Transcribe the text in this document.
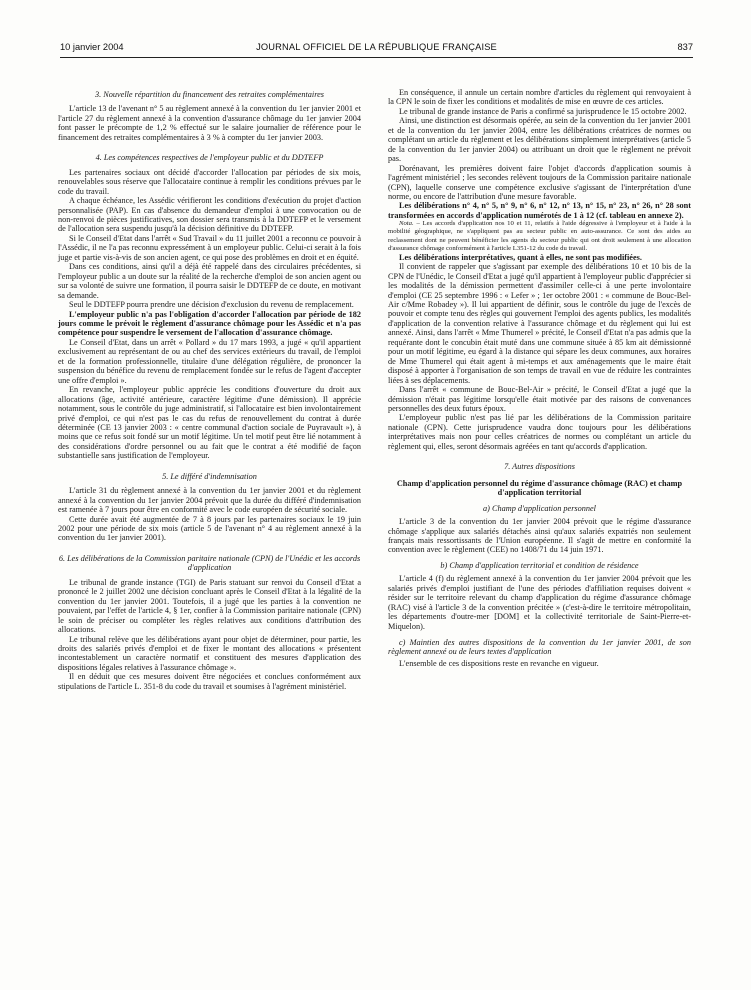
10 janvier 2004	JOURNAL OFFICIEL DE LA RÉPUBLIQUE FRANÇAISE	837

3. Nouvelle répartition du financement des retraites complémentaires

L'article 13 de l'avenant n° 5 au règlement annexé à la convention du 1er janvier 2001 et l'article 27 du règlement annexé à la convention d'assurance chômage du 1er janvier 2004 font passer le précompte de 1,2 % effectué sur le salaire journalier de référence pour le financement des retraites complémentaires à 3 % à compter du 1er janvier 2003.

4. Les compétences respectives de l'employeur public et du DDTEFP

Les partenaires sociaux ont décidé d'accorder l'allocation par périodes de six mois, renouvelables sous réserve que l'allocataire continue à remplir les conditions prévues par le code du travail.

A chaque échéance, les Assédic vérifieront les conditions d'exécution du projet d'action personnalisée (PAP). En cas d'absence du demandeur d'emploi à une convocation ou de non-renvoi de pièces justificatives, son dossier sera transmis à la DDTEFP et le versement de l'allocation sera suspendu jusqu'à la décision définitive du DDTEFP.

Si le Conseil d'Etat dans l'arrêt « Sud Travail » du 11 juillet 2001 a reconnu ce pouvoir à l'Assédic, il ne l'a pas reconnu expressément à un employeur public. Celui-ci serait à la fois juge et partie vis-à-vis de son ancien agent, ce qui pose des problèmes en droit et en équité.

Dans ces conditions, ainsi qu'il a déjà été rappelé dans des circulaires précédentes, si l'employeur public a un doute sur la réalité de la recherche d'emploi de son ancien agent ou sur sa volonté de suivre une formation, il pourra saisir le DDTEFP de ce doute, en motivant sa demande.

Seul le DDTEFP pourra prendre une décision d'exclusion du revenu de remplacement.

L'employeur public n'a pas l'obligation d'accorder l'allocation par période de 182 jours comme le prévoit le règlement d'assurance chômage pour les Assédic et n'a pas compétence pour suspendre le versement de l'allocation d'assurance chômage.

Le Conseil d'Etat, dans un arrêt « Pollard » du 17 mars 1993, a jugé « qu'il appartient exclusivement au représentant de ou au chef des services extérieurs du travail, de l'emploi et de la formation professionnelle, titulaire d'une délégation régulière, de prononcer la suspension du bénéfice du revenu de remplacement fondée sur le refus de l'agent d'accepter une offre d'emploi ».

En revanche, l'employeur public apprécie les conditions d'ouverture du droit aux allocations (âge, activité antérieure, caractère légitime d'une démission). Il apprécie notamment, sous le contrôle du juge administratif, si l'allocataire est bien involontairement privé d'emploi, ce qui n'est pas le cas du refus de renouvellement du contrat à durée déterminée (CE 13 janvier 2003 : « centre communal d'action sociale de Puyravault »), à moins que ce refus soit fondé sur un motif légitime. Un tel motif peut être lié notamment à des considérations d'ordre personnel ou au fait que le contrat a été modifié de façon substantielle sans justification de l'employeur.

5. Le différé d'indemnisation

L'article 31 du règlement annexé à la convention du 1er janvier 2001 et du règlement annexé à la convention du 1er janvier 2004 prévoit que la durée du différé d'indemnisation est ramenée à 7 jours pour être en conformité avec le code européen de sécurité sociale.

Cette durée avait été augmentée de 7 à 8 jours par les partenaires sociaux le 19 juin 2002 pour une période de six mois (article 5 de l'avenant n° 4 au règlement annexé à la convention du 1er janvier 2001).

6. Les délibérations de la Commission paritaire nationale (CPN) de l'Unédic et les accords d'application

Le tribunal de grande instance (TGI) de Paris statuant sur renvoi du Conseil d'Etat a prononcé le 2 juillet 2002 une décision concluant après le Conseil d'Etat à la légalité de la convention du 1er janvier 2001. Toutefois, il a jugé que les parties à la convention ne pouvaient, par l'effet de l'article 4, § 1er, confier à la Commission paritaire nationale (CPN) le soin de préciser ou compléter les règles relatives aux conditions d'attribution des allocations.

Le tribunal relève que les délibérations ayant pour objet de déterminer, pour partie, les droits des salariés privés d'emploi et de fixer le montant des allocations « présentent incontestablement un caractère normatif et constituent des mesures d'application des dispositions légales relatives à l'assurance chômage ».

Il en déduit que ces mesures doivent être négociées et conclues conformément aux stipulations de l'article L. 351-8 du code du travail et soumises à l'agrément ministériel.

En conséquence, il annule un certain nombre d'articles du règlement qui renvoyaient à la CPN le soin de fixer les conditions et modalités de mise en œuvre de ces articles.

Le tribunal de grande instance de Paris a confirmé sa jurisprudence le 15 octobre 2002.

Ainsi, une distinction est désormais opérée, au sein de la convention du 1er janvier 2001 et de la convention du 1er janvier 2004, entre les délibérations créatrices de normes ou complétant un article du règlement et les délibérations simplement interprétatives (article 5 de la convention du 1er janvier 2004) ou attribuant un droit que le règlement ne prévoit pas.

Dorénavant, les premières doivent faire l'objet d'accords d'application soumis à l'agrément ministériel ; les secondes relèvent toujours de la Commission paritaire nationale (CPN), laquelle conserve une compétence exclusive s'agissant de l'interprétation d'une norme, ou encore de l'attribution d'une mesure favorable.

Les délibérations n° 4, n° 5, n° 9, n° 6, n° 12, n° 13, n° 15, n° 23, n° 26, n° 28 sont transformées en accords d'application numérotés de 1 à 12 (cf. tableau en annexe 2).

Nota. – Les accords d'application nos 10 et 11, relatifs à l'aide dégressive à l'employeur et à l'aide à la mobilité géographique, ne s'appliquent pas au secteur public en auto-assurance. Ce sont des aides au reclassement dont ne peuvent bénéficier les agents du secteur public qui ont droit seulement à une allocation d'assurance chômage conformément à l'article L351-12 du code du travail.

Les délibérations interprétatives, quant à elles, ne sont pas modifiées.

Il convient de rappeler que s'agissant par exemple des délibérations 10 et 10 bis de la CPN de l'Unédic, le Conseil d'Etat a jugé qu'il appartient à l'employeur public d'apprécier si les modalités de la démission permettent d'assimiler celle-ci à une perte involontaire d'emploi (CE 25 septembre 1996 : « Lefer » ; 1er octobre 2001 : « commune de Bouc-Bel-Air c/Mme Robadey »). Il lui appartient de définir, sous le contrôle du juge de l'excès de pouvoir et compte tenu des règles qui gouvernent l'emploi des agents publics, les modalités d'application de la convention relative à l'assurance chômage et du règlement qui lui est annexé. Ainsi, dans l'arrêt « Mme Thumerel » précité, le Conseil d'Etat n'a pas admis que la requérante dont le concubin était muté dans une commune située à 85 km ait démissionné pour un motif légitime, eu égard à la distance qui sépare les deux communes, aux horaires de Mme Thumerel qui était agent à mi-temps et aux aménagements que le maire était disposé à apporter à l'organisation de son temps de travail en vue de réduire les contraintes liées à ses déplacements.

Dans l'arrêt « commune de Bouc-Bel-Air » précité, le Conseil d'Etat a jugé que la démission n'était pas légitime lorsqu'elle était motivée par des raisons de convenances personnelles des deux futurs époux.

L'employeur public n'est pas lié par les délibérations de la Commission paritaire nationale (CPN). Cette jurisprudence vaudra donc toujours pour les délibérations interprétatives mais non pour celles créatrices de normes ou complétant un article du règlement qui, elles, seront désormais agréées en tant qu'accords d'application.

7. Autres dispositions

Champ d'application personnel du régime d'assurance chômage (RAC) et champ d'application territorial

a) Champ d'application personnel

L'article 3 de la convention du 1er janvier 2004 prévoit que le régime d'assurance chômage s'applique aux salariés détachés ainsi qu'aux salariés expatriés non seulement français mais ressortissants de l'Union européenne. Il s'agit de mettre en conformité la convention avec le règlement (CEE) no 1408/71 du 14 juin 1971.

b) Champ d'application territorial et condition de résidence

L'article 4 (f) du règlement annexé à la convention du 1er janvier 2004 prévoit que les salariés privés d'emploi justifiant de l'une des périodes d'affiliation requises doivent « résider sur le territoire relevant du champ d'application du régime d'assurance chômage (RAC) visé à l'article 3 de la convention précitée » (c'est-à-dire le territoire métropolitain, les départements d'outre-mer [DOM] et la collectivité territoriale de Saint-Pierre-et-Miquelon).

c) Maintien des autres dispositions de la convention du 1er janvier 2001, de son règlement annexé ou de leurs textes d'application

L'ensemble de ces dispositions reste en revanche en vigueur.
